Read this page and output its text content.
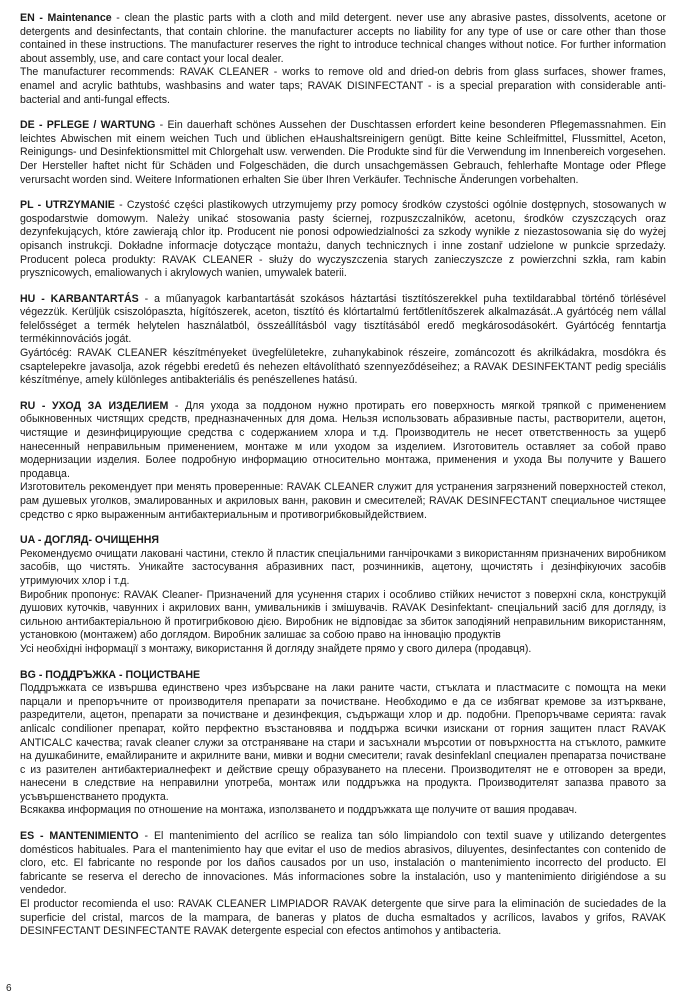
EN - Maintenance - clean the plastic parts with a cloth and mild detergent. never use any abrasive pastes, dissolvents, acetone or detergents and desinfectants, that contain chlorine. the manufacturer accepts no liability for any type of use or care other than those contained in these instructions. The manufacturer reserves the right to introduce technical changes without notice. For further information about assembly, use, and care contact your local dealer.

The manufacturer recommends: RAVAK CLEANER - works to remove old and dried-on debris from glass surfaces, shower frames, enamel and acrylic bathtubs, washbasins and water taps; RAVAK DISINFECTANT - is a special preparation with considerable anti-bacterial and anti-fungal effects.

DE - PFLEGE / WARTUNG - Ein dauerhaft schönes Aussehen der Duschtassen erfordert keine besonderen Pflegemassnahmen. Ein leichtes Abwischen mit einem weichen Tuch und üblichen eHaushaltsreinigern genügt. Bitte keine Schleifmittel, Flussmittel, Aceton, Reinigungs- und Desinfektionsmittel mit Chlorgehalt usw. verwenden. Die Produkte sind für die Verwendung im Innenbereich vorgesehen. Der Hersteller haftet nicht für Schäden und Folgeschäden, die durch unsachgemässen Gebrauch, fehlerhafte Montage oder Pflege verursacht worden sind. Weitere Informationen erhalten Sie über Ihren Verkäufer. Technische Änderungen vorbehalten.

PL - UTRZYMANIE - Czystość części plastikowych utrzymujemy przy pomocy środków czystości ogólnie dostępnych, stosowanych w gospodarstwie domowym. Należy unikać stosowania pasty ściernej, rozpuszczalników, acetonu, środków czyszczących oraz dezynfekujących, które zawierają chlor itp. Producent nie ponosi odpowiedzialności za szkody wynikłe z niezastosowania się do wyżej opisanch instrukcji. Dokładne informacje dotyczące montażu, danych technicznych i inne zostanř udzielone w punkcie sprzedaży. Producent poleca produkty: RAVAK CLEANER - służy do wyczyszczenia starych zanieczyszcze z powierzchni szkła, ram kabin prysznicowych, emaliowanych i akrylowych wanien, umywalek baterii.

HU - KARBANTARTÁS - a műanyagok karbantartását szokásos háztartási tisztítószerekkel puha textildarabbal történő törlésével végezzük. Kerüljük csiszolópaszta, hígítószerek, aceton, tisztító és klórtartalmú fertőtlenítőszerek alkalmazását..A gyártócég nem vállal felelősséget a termék helytelen használatból, összeállításból vagy tisztításából eredő megkárosodásokért. Gyártócég fenntartja termékinnovációs jogát.

Gyártócég: RAVAK CLEANER készítményeket üvegfelületekre, zuhanykabinok részeire, zománcozott és akrilkádakra, mosdókra és csaptelepekre javasolja, azok régebbi eredetű és nehezen eltávolítható szennyeződéseihez; a RAVAK DESINFEKTANT pedig speciális készítménye, amely különleges antibakteriális és penészellenes hatású.

RU - УХОД ЗА ИЗДЕЛИЕМ - Для ухода за поддоном нужно протирать его поверхность мягкой тряпкой с применением обыкновенных чистящих средств, предназначенных для дома. Нельзя использовать абразивные пасты, растворители, ацетон, чистящие и дезинфицирующие средства с содержанием хлора и т.д. Производитель не несет ответственность за ущерб нанесенный неправильным применением, монтаже м или уходом за изделием. Изготовитель оставляет за собой право модернизации изделия. Более подробную информацию относительно монтажа, применения и ухода Вы получите у Вашего продавца.

Изготовитель рекомендует при менять проверенные: RAVAK CLEANER служит для устранения загрязнений поверхностей стекол, рам душевых уголков, эмалированных и акриловых ванн, раковин и смесителей; RAVAK DESINFECTANT специальное чистящее средство с ярко выраженным антибактериальным и противогрибковыйдействием.

UA - ДОГЛЯД- ОЧИЩЕННЯ

Рекомендуємо очищати лаковані частини, стекло й пластик спеціальними ганчірочками з використанням призначених виробником засобів, що чистять. Уникайте застосування абразивних паст, розчинників, ацетону, щочистять і дезінфікуючих засобів утримуючих хлор і т.д.

Виробник пропонує: RAVAK Cleaner- Призначений для усунення старих і особливо стійких нечистот з поверхні скла, конструкцій душових куточків, чавунних і акрилових ванн, умивальників і змішувачів. RAVAK Desinfektant- спеціальний засіб для догляду, із сильною антибактеріальною й протигрибковою дією. Виробник не відповідає за збиток заподіяний неправильним використанням, установкою (монтажем) або доглядом. Виробник залишає за собою право на інновацію продуктів

Усі необхідні інформації з монтажу, використання й догляду знайдете прямо у свого дилера (продавця).

BG - ПОДДРЪЖКА - ПОЦИСТВАНЕ

Поддръжката се извършва единствено чрез избърсване на лаки ранитe части, стъклата и пластмасите с помощта на меки парцали и препоръчните от производителя препарати за почистване. Необходимо е да се избягват кремове за изтъркване, разредители, ацетон, препарати за почистване и дезинфекция, съдържащи хлор и др. подобни. Препоръчваме серията: ravak anlicalc condilioner препарат, който перфектно възстановява и поддържа всички изискани от горния защитен пласт RAVAK ANTICALC качества; ravak cleaner служи за отстраняване на стари и засъхнали мърсотии от повърхността на стъклото, рамките на душкабините, емайлираните и акрилните вани, мивки и водни смесители; ravak desinfeklanl специален препаратза почистване с из разителен антибактериалнефект и действие срещу образуването на плесени. Производителят не е отговорен за вреди, нанесени в следствие на неправилни употреба, монтаж или поддръжка на продукта. Производителят запазва правото за усъвършенстването продукта.

Всякаква информация по отношение на монтажа, използването и поддръжката ще получите от вашия продавач.

ES - MANTENIMIENTO - El mantenimiento del acrílico se realiza tan sólo limpiandolo con textil suave y utilizando detergentes domésticos habituales. Para el mantenimiento hay que evitar el uso de medios abrasivos, diluyentes, desinfectantes con contenido de cloro, etc. El fabricante no responde por los daños causados por un uso, instalación o mantenimiento incorrecto del producto. El fabricante se reserva el derecho de innovaciones. Más informaciones sobre la instalación, uso y mantenimiento dirigiéndose a su vendedor.

El productor recomienda el uso: RAVAK CLEANER LIMPIADOR RAVAK detergente que sirve para la eliminación de suciedades de la superficie del cristal, marcos de la mampara, de baneras y platos de ducha esmaltados y acrílicos, lavabos y grifos, RAVAK DESINFECTANT DESINFECTANTE RAVAK detergente especial con efectos antimohos y antibacteria.

6
